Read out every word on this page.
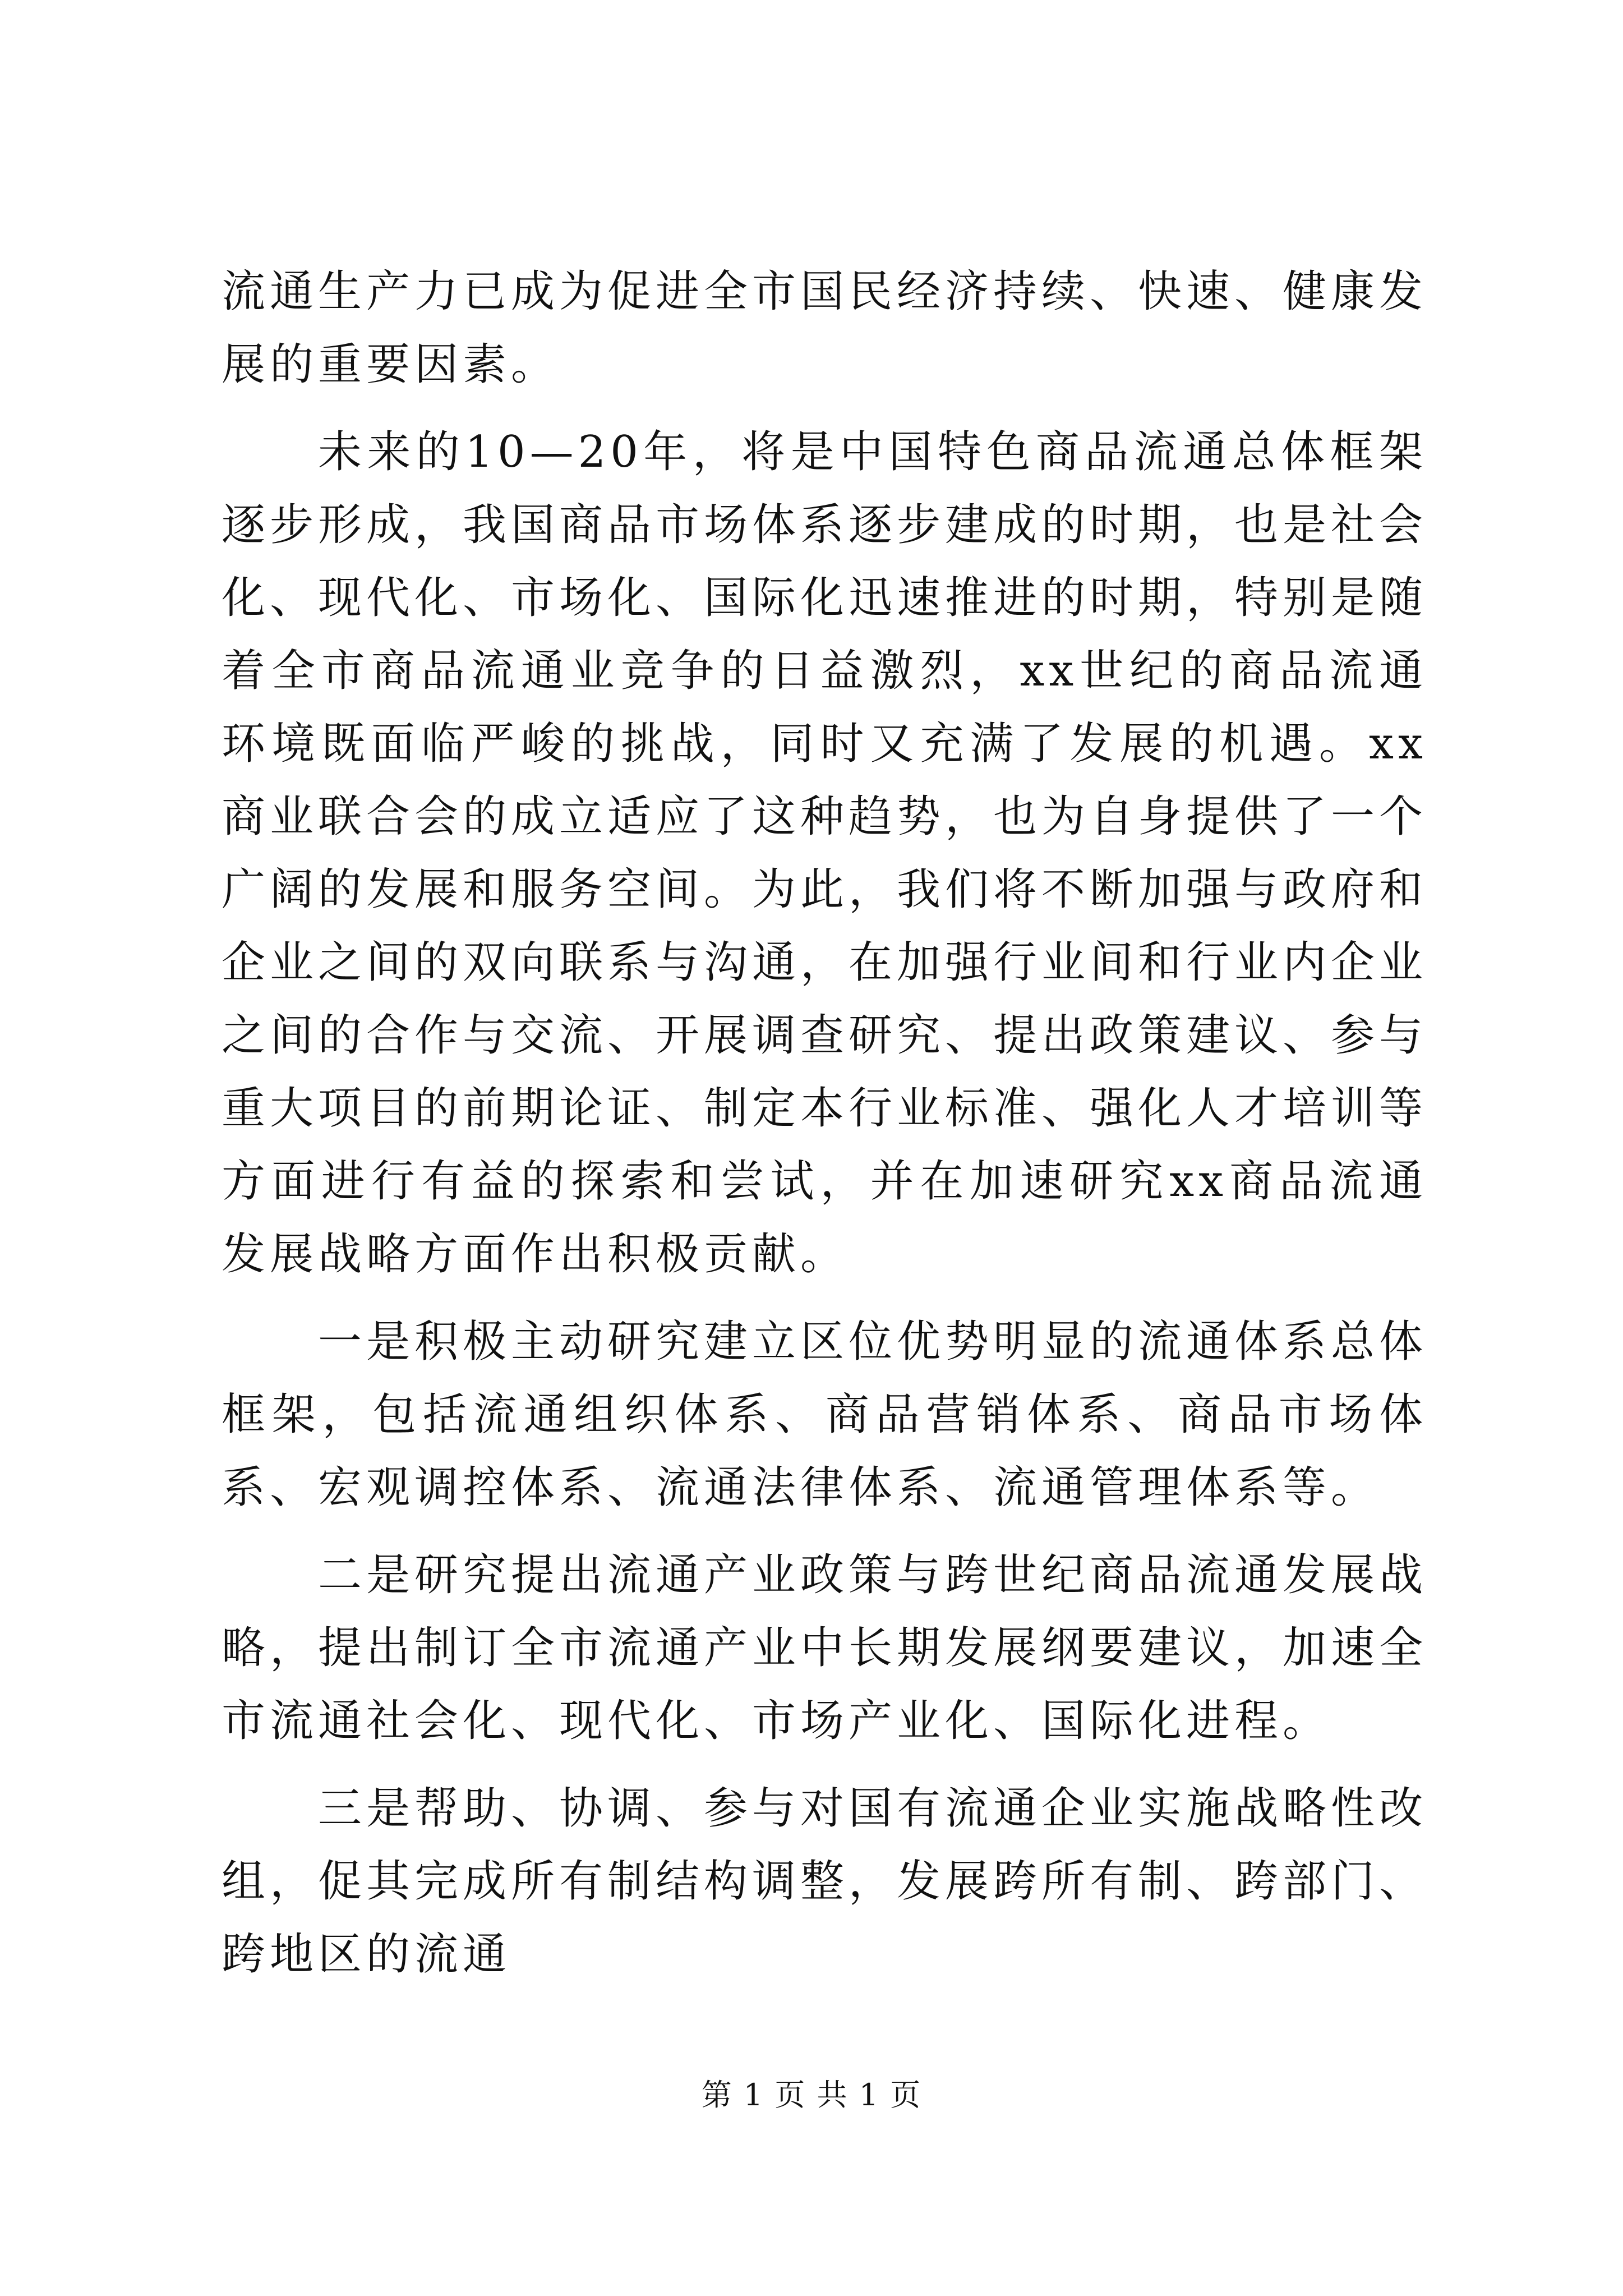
流通生产力已成为促进全市国民经济持续、快速、健康发展的重要因素。

未来的10—20年，将是中国特色商品流通总体框架逐步形成，我国商品市场体系逐步建成的时期，也是社会化、现代化、市场化、国际化迅速推进的时期，特别是随着全市商品流通业竞争的日益激烈，xx世纪的商品流通环境既面临严峻的挑战，同时又充满了发展的机遇。xx商业联合会的成立适应了这种趋势，也为自身提供了一个广阔的发展和服务空间。为此，我们将不断加强与政府和企业之间的双向联系与沟通，在加强行业间和行业内企业之间的合作与交流、开展调查研究、提出政策建议、参与重大项目的前期论证、制定本行业标准、强化人才培训等方面进行有益的探索和尝试，并在加速研究xx商品流通发展战略方面作出积极贡献。

一是积极主动研究建立区位优势明显的流通体系总体框架，包括流通组织体系、商品营销体系、商品市场体系、宏观调控体系、流通法律体系、流通管理体系等。

二是研究提出流通产业政策与跨世纪商品流通发展战略，提出制订全市流通产业中长期发展纲要建议，加速全市流通社会化、现代化、市场产业化、国际化进程。

三是帮助、协调、参与对国有流通企业实施战略性改组，促其完成所有制结构调整，发展跨所有制、跨部门、跨地区的流通

第 1 页 共 1 页
